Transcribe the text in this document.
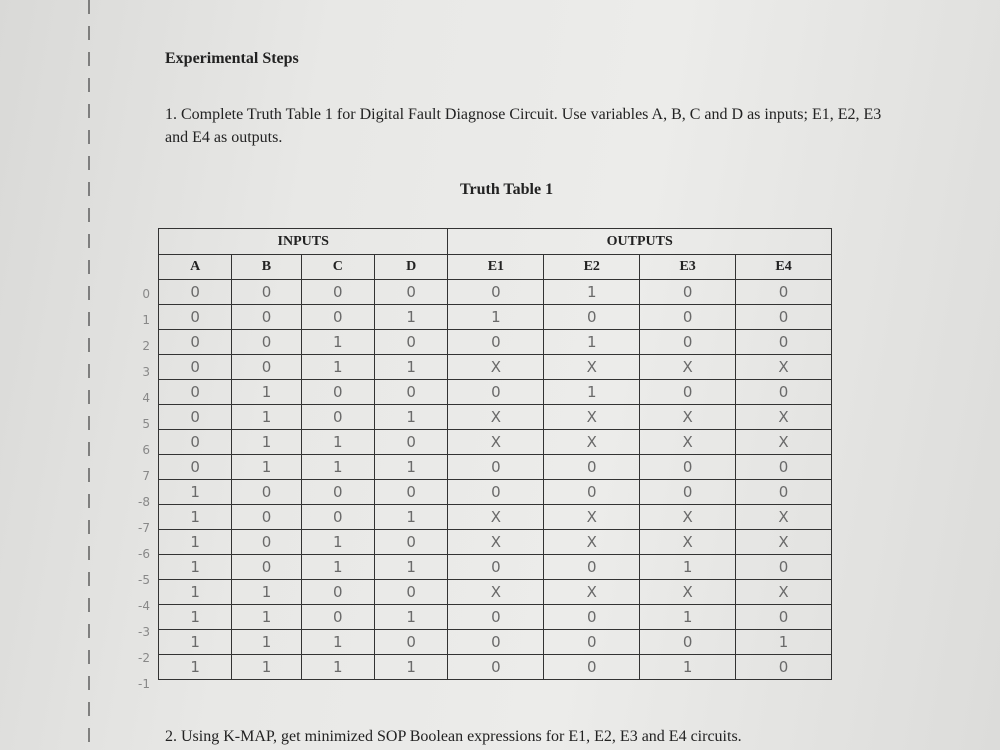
Experimental Steps
1. Complete Truth Table 1 for Digital Fault Diagnose Circuit. Use variables A, B, C and D as inputs; E1, E2, E3 and E4 as outputs.
Truth Table 1
0
1
2
3
4
5
6
7
-8
-7
-6
-5
-4
-3
-2
-1
INPUTS				OUTPUTS			
A	B	C	D	E1	E2	E3	E4
0	0	0	0	0	1	0	0
0	0	0	1	1	0	0	0
0	0	1	0	0	1	0	0
0	0	1	1	X	X	X	X
0	1	0	0	0	1	0	0
0	1	0	1	X	X	X	X
0	1	1	0	X	X	X	X
0	1	1	1	0	0	0	0
1	0	0	0	0	0	0	0
1	0	0	1	X	X	X	X
1	0	1	0	X	X	X	X
1	0	1	1	0	0	1	0
1	1	0	0	X	X	X	X
1	1	0	1	0	0	1	0
1	1	1	0	0	0	0	1
1	1	1	1	0	0	1	0
2. Using K-MAP, get minimized SOP Boolean expressions for E1, E2, E3 and E4 circuits.
